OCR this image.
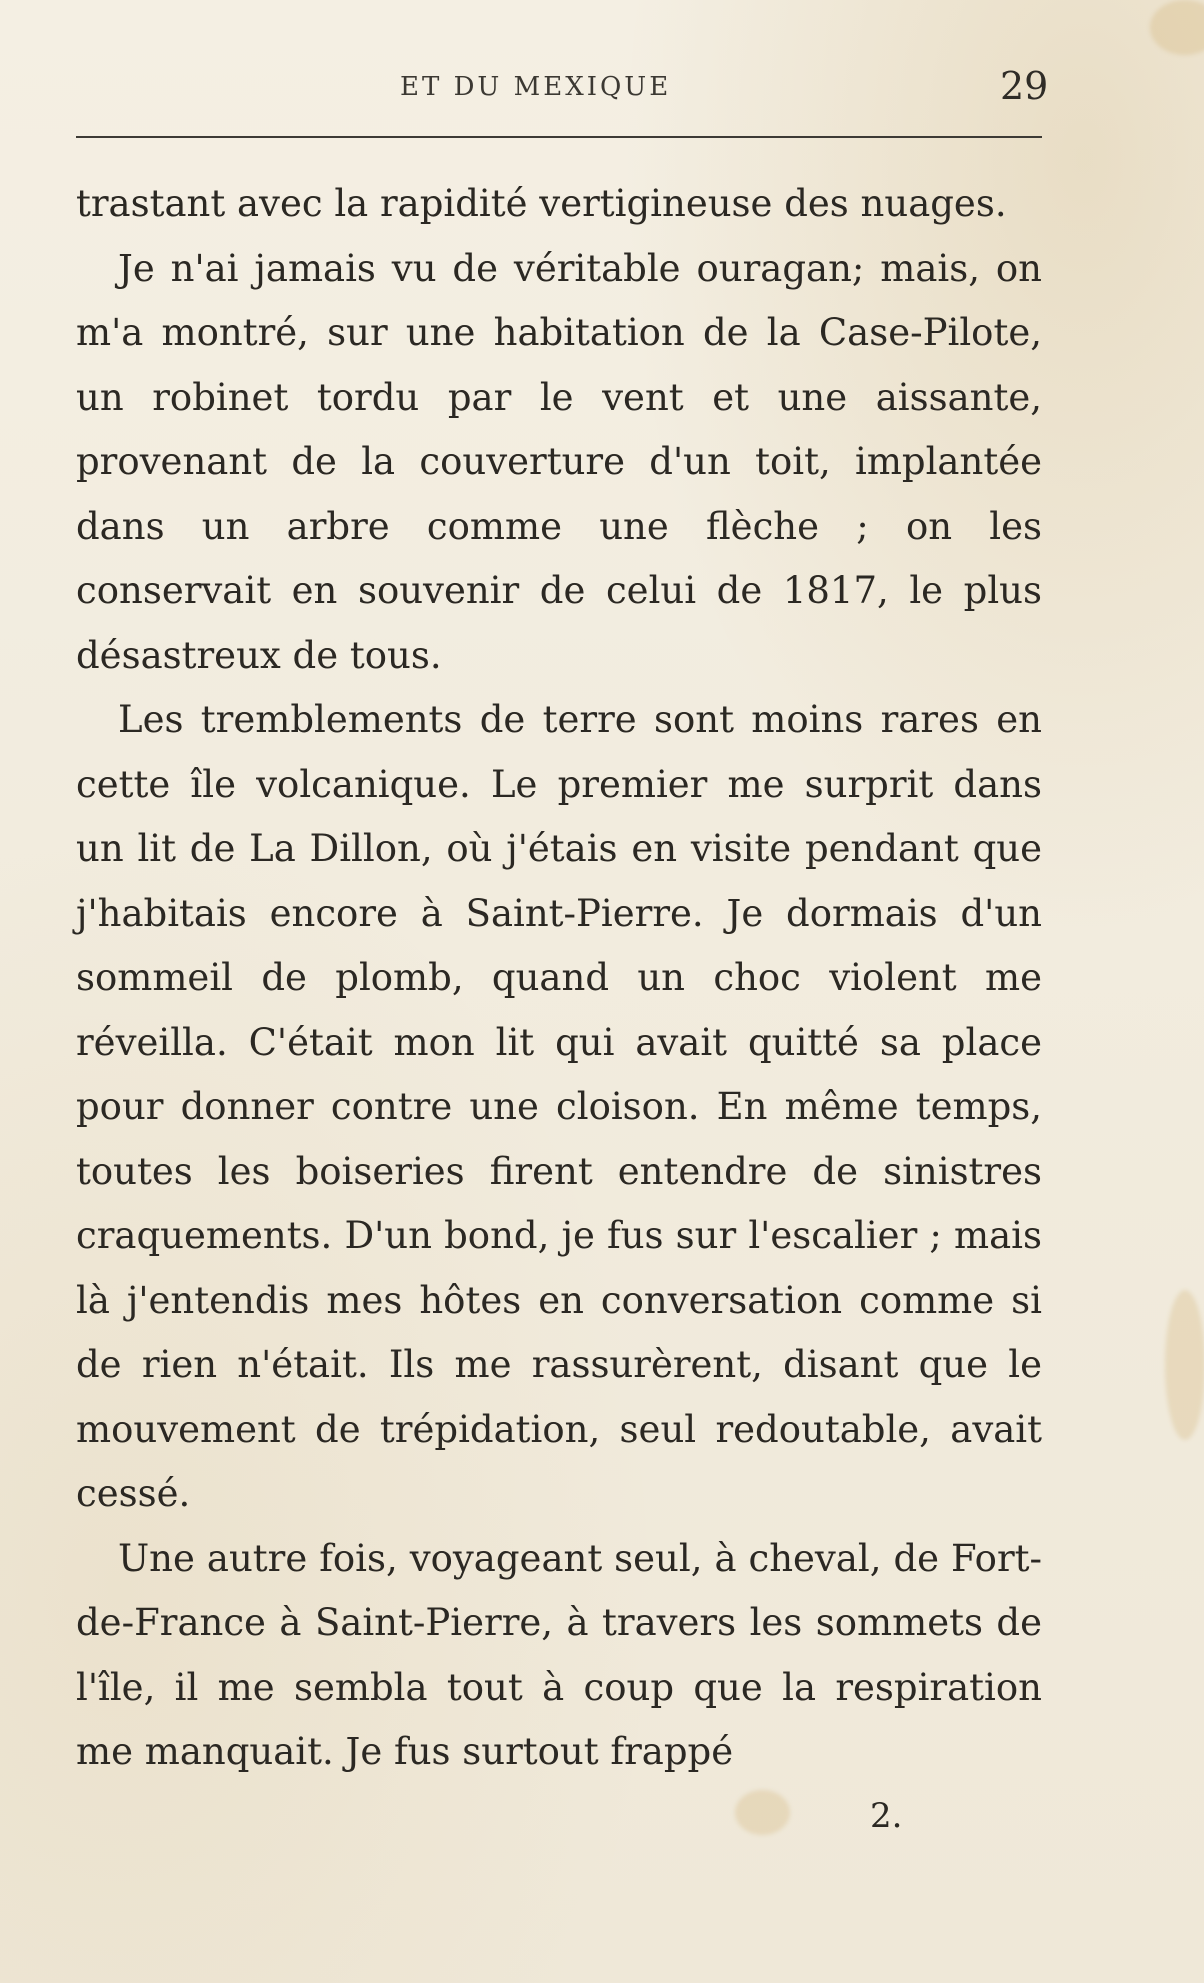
ET DU MEXIQUE	29

trastant avec la rapidité vertigineuse des nuages.

Je n'ai jamais vu de véritable ouragan; mais, on m'a montré, sur une habitation de la Case-Pilote, un robinet tordu par le vent et une aissante, provenant de la couverture d'un toit, implantée dans un arbre comme une flèche ; on les conservait en souvenir de celui de 1817, le plus désastreux de tous.

Les tremblements de terre sont moins rares en cette île volcanique. Le premier me surprit dans un lit de La Dillon, où j'étais en visite pendant que j'habitais encore à Saint-Pierre. Je dormais d'un sommeil de plomb, quand un choc violent me réveilla. C'était mon lit qui avait quitté sa place pour donner contre une cloison. En même temps, toutes les boiseries firent entendre de sinistres craquements. D'un bond, je fus sur l'escalier ; mais là j'entendis mes hôtes en conversation comme si de rien n'était. Ils me rassurèrent, disant que le mouvement de trépidation, seul redoutable, avait cessé.

Une autre fois, voyageant seul, à cheval, de Fort-de-France à Saint-Pierre, à travers les sommets de l'île, il me sembla tout à coup que la respiration me manquait. Je fus surtout frappé

2.
